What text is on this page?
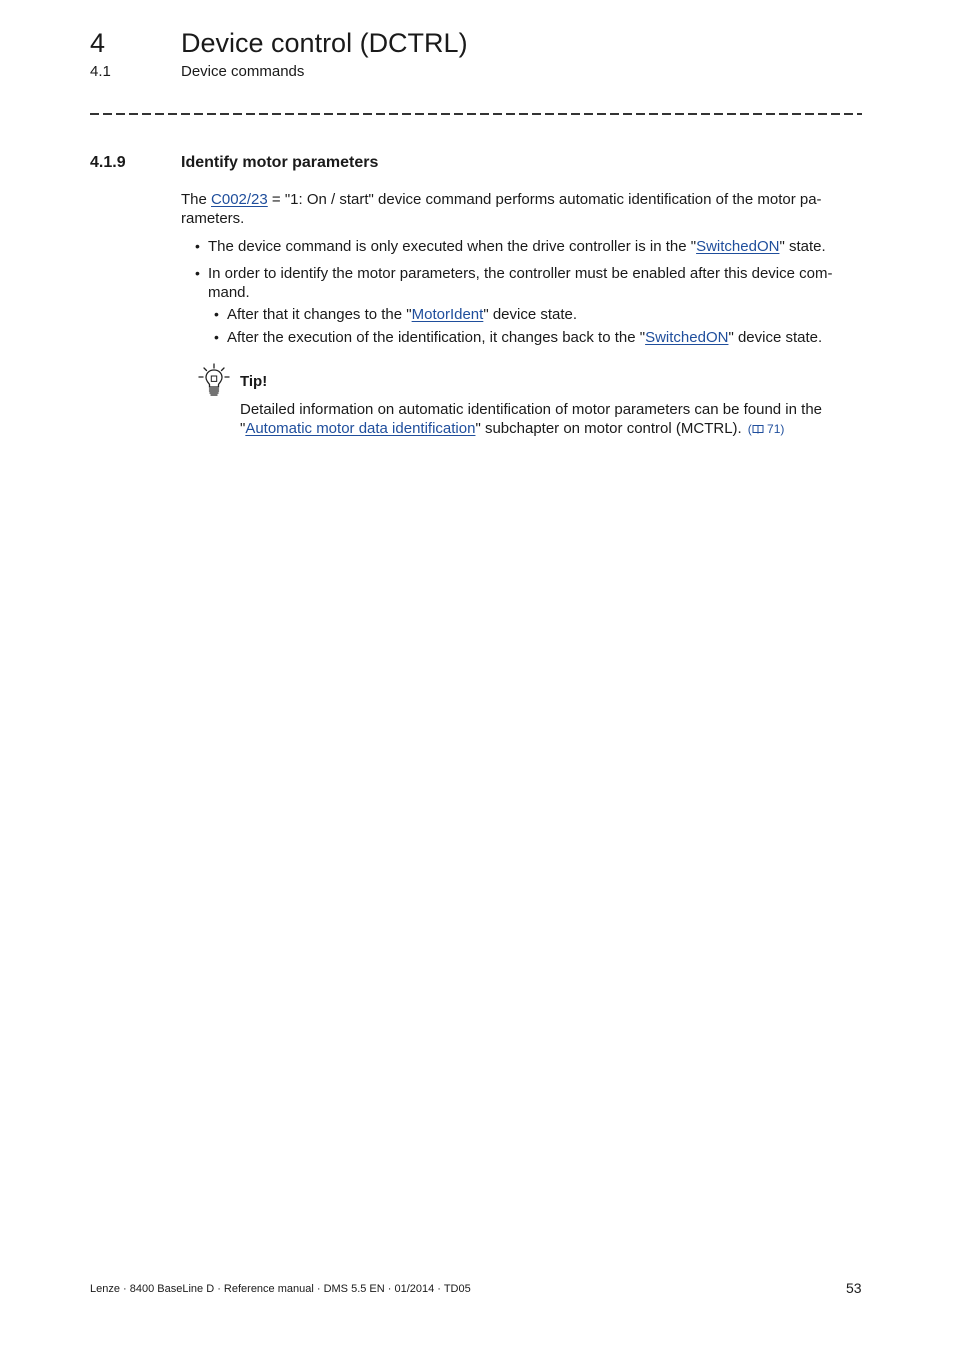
4	Device control (DCTRL)
4.1	Device commands
4.1.9	Identify motor parameters
The C002/23 = "1: On / start" device command performs automatic identification of the motor pa-rameters.
• The device command is only executed when the drive controller is in the "SwitchedON" state.
• In order to identify the motor parameters, the controller must be enabled after this device com-
mand.
• After that it changes to the "MotorIdent" device state.
• After the execution of the identification, it changes back to the "SwitchedON" device state.
Tip!
Detailed information on automatic identification of motor parameters can be found in the "Automatic motor data identification" subchapter on motor control (MCTRL). ( 71)
Lenze · 8400 BaseLine D · Reference manual · DMS 5.5 EN · 01/2014 · TD05	53
